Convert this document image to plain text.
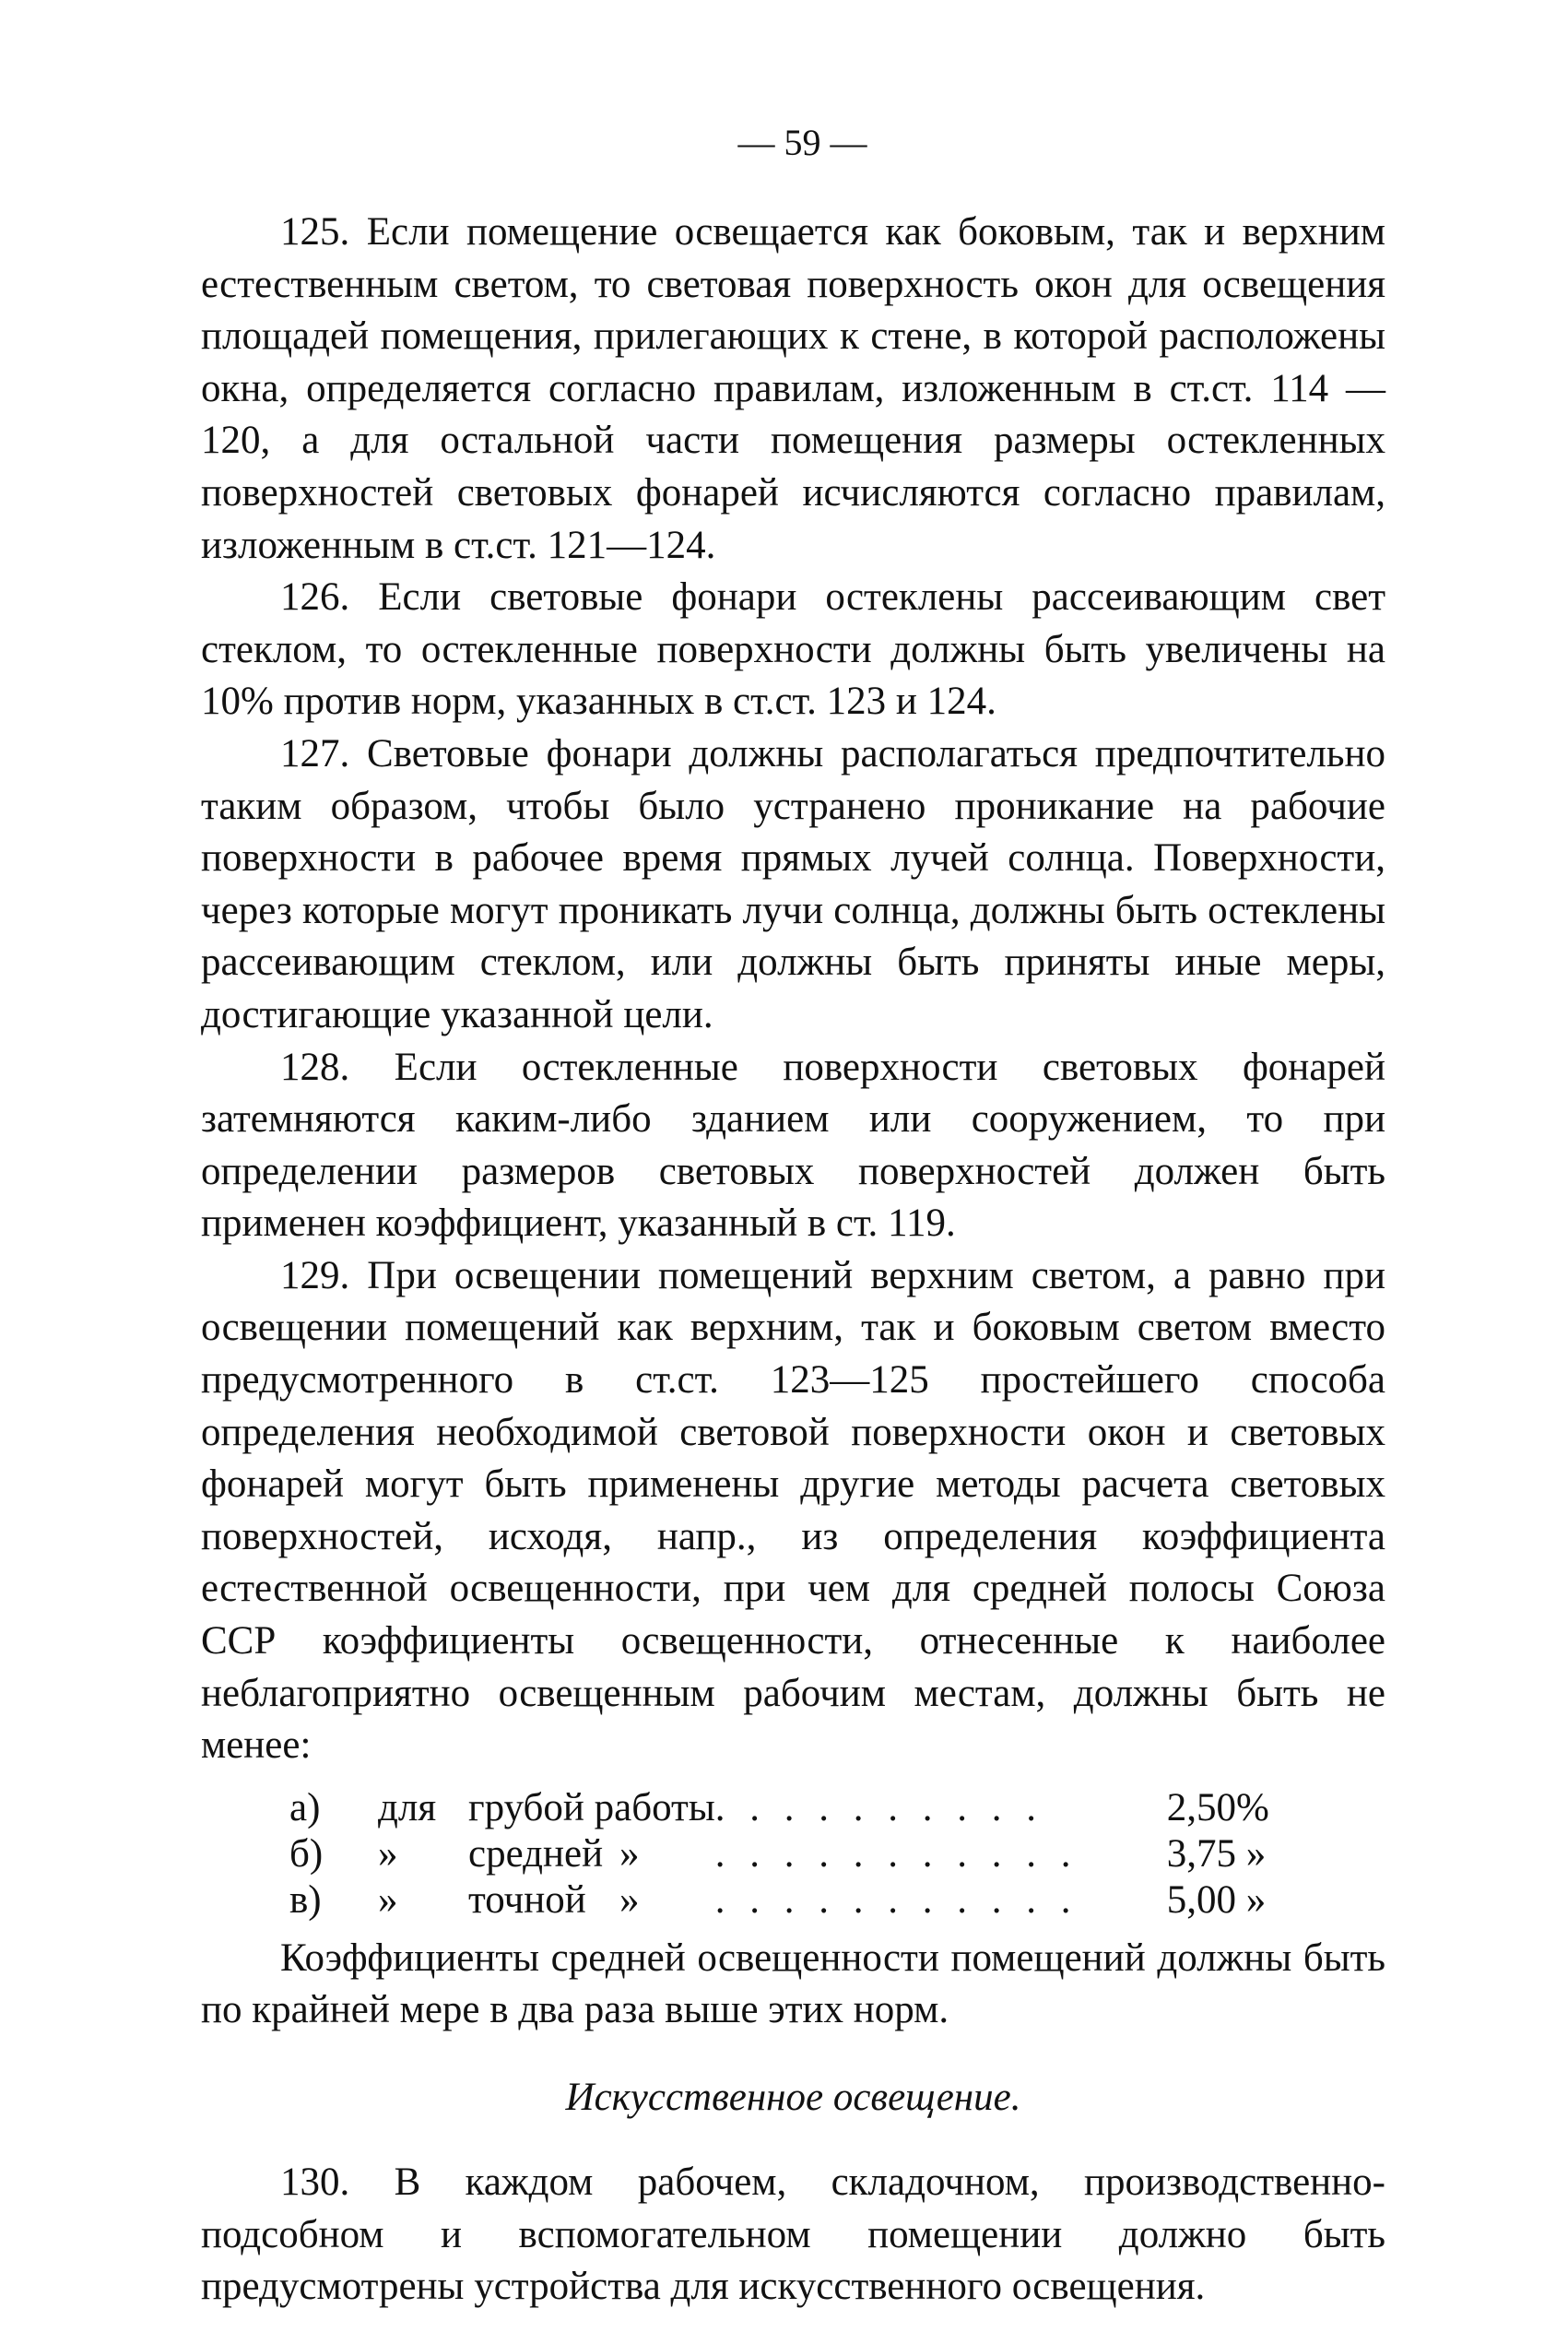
— 59 —

125. Если помещение освещается как боковым, так и верхним естественным светом, то световая поверхность окон для освещения площадей помещения, прилегающих к стене, в которой расположены окна, определяется согласно правилам, изложенным в ст.ст. 114 — 120, а для остальной части помещения размеры остекленных поверхностей световых фонарей исчисляются согласно правилам, изложенным в ст.ст. 121—124.

126. Если световые фонари остеклены рассеивающим свет стеклом, то остекленные поверхности должны быть увеличены на 10% против норм, указанных в ст.ст. 123 и 124.

127. Световые фонари должны располагаться предпочтительно таким образом, чтобы было устранено проникание на рабочие поверхности в рабочее время прямых лучей солнца. Поверхности, через которые могут проникать лучи солнца, должны быть остеклены рассеивающим стеклом, или должны быть приняты иные меры, достигающие указанной цели.

128. Если остекленные поверхности световых фонарей затемняются каким-либо зданием или сооружением, то при определении размеров световых поверхностей должен быть применен коэффициент, указанный в ст. 119.

129. При освещении помещений верхним светом, а равно при освещении помещений как верхним, так и боковым светом вместо предусмотренного в ст.ст. 123—125 простейшего способа определения необходимой световой поверхности окон и световых фонарей могут быть применены другие методы расчета световых поверхностей, исходя, напр., из определения коэффициента естественной освещенности, при чем для средней полосы Союза ССР коэффициенты освещенности, отнесенные к наиболее неблагоприятно освещенным рабочим местам, должны быть не менее:

а)	для	грубой работы		. . . . . . . . . .	2,50%
б)	»	средней	»	. . . . . . . . . . .	3,75 »
в)	»	точной	»	. . . . . . . . . . .	5,00 »

Коэффициенты средней освещенности помещений должны быть по крайней мере в два раза выше этих норм.

Искусственное освещение.

130. В каждом рабочем, складочном, производственно-подсобном и вспомогательном помещении должно быть предусмотрены устройства для искусственного освещения.
